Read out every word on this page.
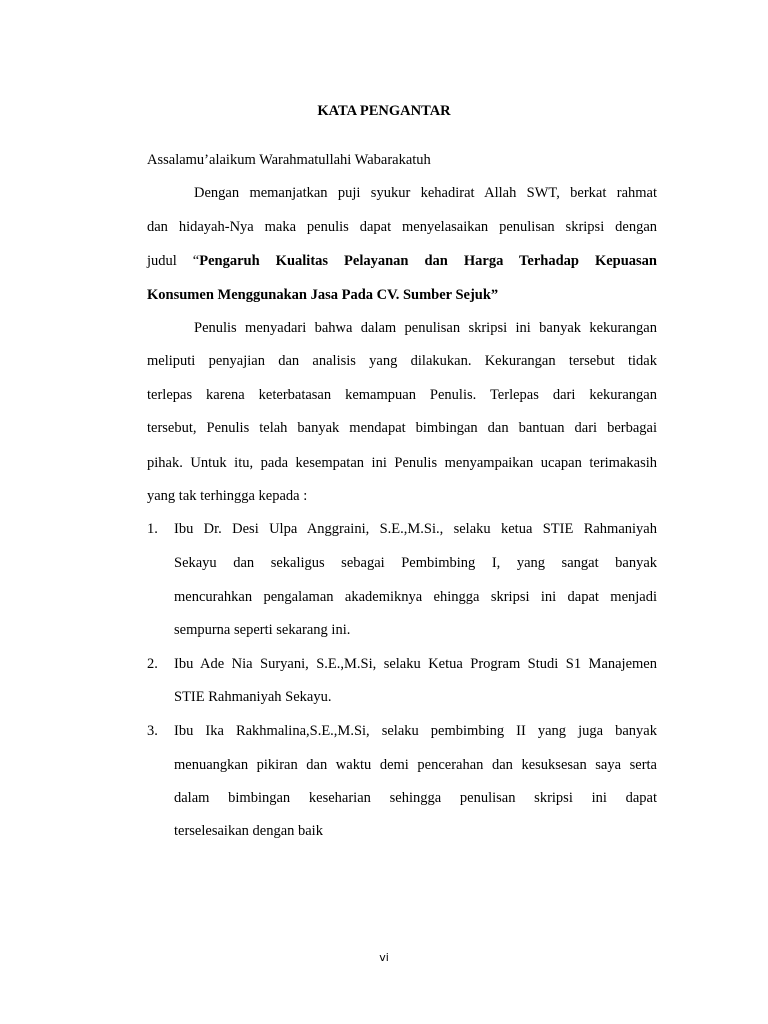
KATA PENGANTAR
Assalamu’alaikum Warahmatullahi Wabarakatuh
Dengan memanjatkan puji syukur kehadirat Allah SWT, berkat rahmat
dan hidayah-Nya maka penulis dapat menyelasaikan penulisan skripsi dengan
judul “Pengaruh Kualitas Pelayanan dan Harga Terhadap Kepuasan
Konsumen Menggunakan Jasa Pada CV. Sumber Sejuk”
Penulis menyadari bahwa dalam penulisan skripsi ini banyak kekurangan
meliputi penyajian dan analisis yang dilakukan. Kekurangan tersebut tidak
terlepas karena keterbatasan kemampuan Penulis. Terlepas dari kekurangan
tersebut, Penulis telah banyak mendapat bimbingan dan bantuan dari berbagai
pihak. Untuk itu, pada kesempatan ini Penulis menyampaikan ucapan terimakasih
yang tak terhingga kepada :
1. Ibu Dr. Desi Ulpa Anggraini, S.E.,M.Si., selaku ketua STIE Rahmaniyah
Sekayu dan sekaligus sebagai Pembimbing I, yang sangat banyak
mencurahkan pengalaman akademiknya ehingga skripsi ini dapat menjadi
sempurna seperti sekarang ini.
2. Ibu Ade Nia Suryani, S.E.,M.Si, selaku Ketua Program Studi S1 Manajemen
STIE Rahmaniyah Sekayu.
3. Ibu Ika Rakhmalina,S.E.,M.Si, selaku pembimbing II yang juga banyak
menuangkan pikiran dan waktu demi pencerahan dan kesuksesan saya serta
dalam bimbingan keseharian sehingga penulisan skripsi ini dapat
terselesaikan dengan baik
vi
